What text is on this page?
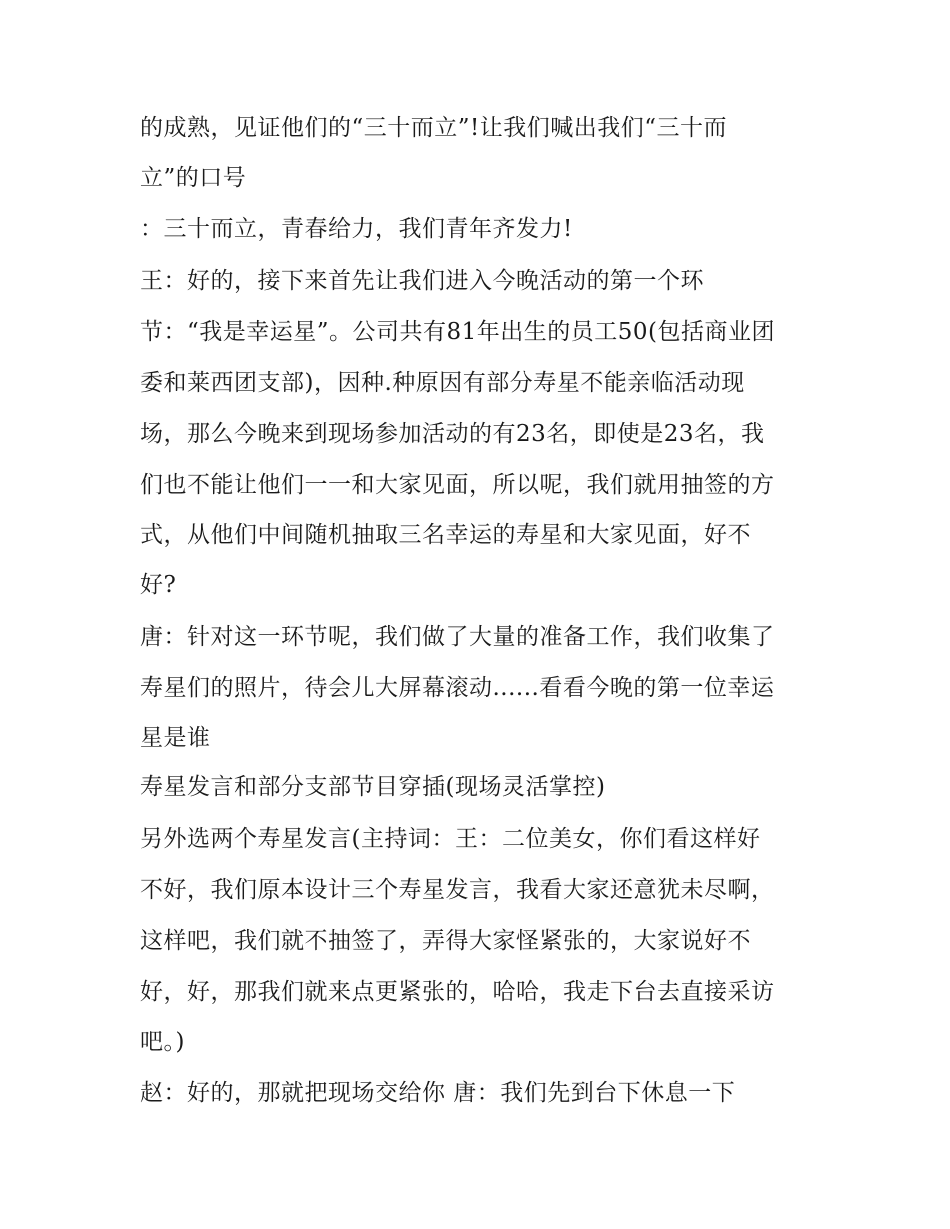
的成熟，见证他们的“三十而立”!让我们喊出我们“三十而
立”的口号
：三十而立，青春给力，我们青年齐发力!
王：好的，接下来首先让我们进入今晚活动的第一个环
节：“我是幸运星”。公司共有81年出生的员工50(包括商业团
委和莱西团支部)，因种.种原因有部分寿星不能亲临活动现
场，那么今晚来到现场参加活动的有23名，即使是23名，我
们也不能让他们一一和大家见面，所以呢，我们就用抽签的方
式，从他们中间随机抽取三名幸运的寿星和大家见面，好不
好?
唐：针对这一环节呢，我们做了大量的准备工作，我们收集了
寿星们的照片，待会儿大屏幕滚动......看看今晚的第一位幸运
星是谁
寿星发言和部分支部节目穿插(现场灵活掌控)
另外选两个寿星发言(主持词：王：二位美女，你们看这样好
不好，我们原本设计三个寿星发言，我看大家还意犹未尽啊，
这样吧，我们就不抽签了，弄得大家怪紧张的，大家说好不
好，好，那我们就来点更紧张的，哈哈，我走下台去直接采访
吧。)
赵：好的，那就把现场交给你 唐：我们先到台下休息一下
